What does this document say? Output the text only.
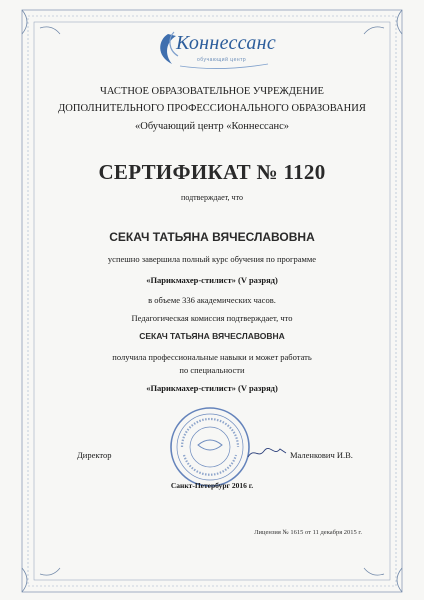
Коннессанс
обучающий центр
ЧАСТНОЕ ОБРАЗОВАТЕЛЬНОЕ УЧРЕЖДЕНИЕ
ДОПОЛНИТЕЛЬНОГО ПРОФЕССИОНАЛЬНОГО ОБРАЗОВАНИЯ
«Обучающий центр «Коннессанс»
СЕРТИФИКАТ № 1120
подтверждает, что
СЕКАЧ ТАТЬЯНА ВЯЧЕСЛАВОВНА
успешно завершила полный курс обучения по программе
«Парикмахер-стилист» (V разряд)
в объеме 336 академических часов.
Педагогическая комиссия подтверждает, что
СЕКАЧ ТАТЬЯНА ВЯЧЕСЛАВОВНА
получила профессиональные навыки и может работать
по специальности
«Парикмахер-стилист» (V разряд)
Директор	Маленкович И.В.
Санкт-Петербург 2016 г.
Лицензия № 1615 от 11 декабря 2015 г.
